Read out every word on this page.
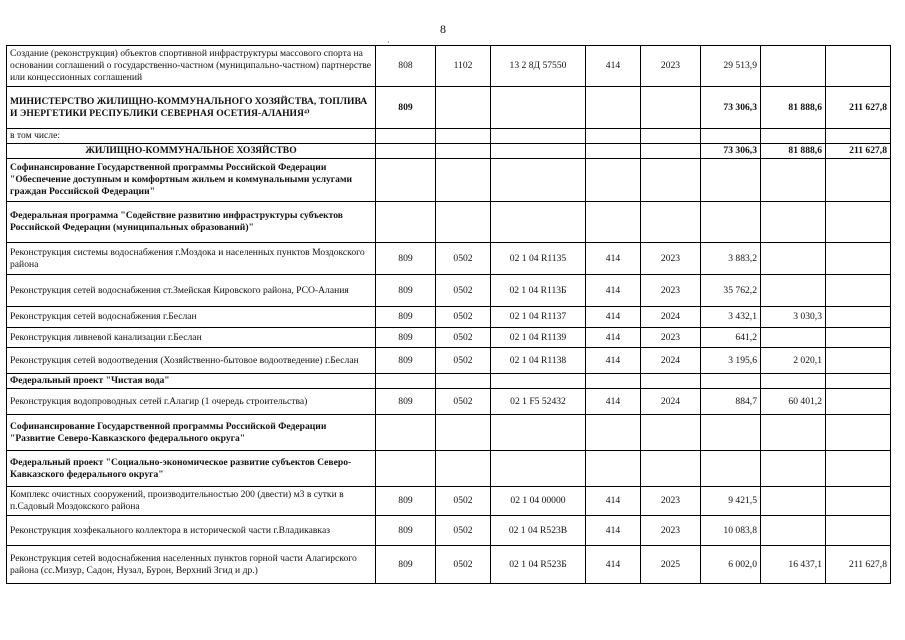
8
·
Создание (реконструкция) объектов спортивной инфраструктуры массового спорта на основании соглашений о государственно-частном (муниципально-частном) партнерстве или концессионных соглашений	808	1102	13 2 8Д 57550	414	2023	29 513,9		
МИНИСТЕРСТВО ЖИЛИЩНО-КОММУНАЛЬНОГО ХОЗЯЙСТВА, ТОПЛИВА И ЭНЕРГЕТИКИ РЕСПУБЛИКИ СЕВЕРНАЯ ОСЕТИЯ-АЛАНИЯ⁴⁾	809					73 306,3	81 888,6	211 627,8
в том числе:								
ЖИЛИЩНО-КОММУНАЛЬНОЕ ХОЗЯЙСТВО						73 306,3	81 888,6	211 627,8
Софинансирование Государственной программы Российской Федерации "Обеспечение доступным и комфортным жильем и коммунальными услугами граждан Российской Федерации"								
Федеральная программа "Содействие развитию инфраструктуры субъектов Российской Федерации (муниципальных образований)"								
Реконструкция системы водоснабжения г.Моздока и населенных пунктов Моздокского района	809	0502	02 1 04 R1135	414	2023	3 883,2		
Реконструкция сетей водоснабжения ст.Змейская Кировского района, РСО-Алания	809	0502	02 1 04 R113Б	414	2023	35 762,2		
Реконструкция сетей водоснабжения г.Беслан	809	0502	02 1 04 R1137	414	2024	3 432,1	3 030,3	
Реконструкция ливневой канализации г.Беслан	809	0502	02 1 04 R1139	414	2023	641,2		
Реконструкция сетей водоотведения (Хозяйственно-бытовое водоотведение) г.Беслан	809	0502	02 1 04 R1138	414	2024	3 195,6	2 020,1	
Федеральный проект "Чистая вода"								
Реконструкция водопроводных сетей г.Алагир (1 очередь строительства)	809	0502	02 1 F5 52432	414	2024	884,7	60 401,2	
Софинансирование Государственной программы Российской Федерации "Развитие Северо-Кавказского федерального округа"								
Федеральный проект "Социально-экономическое развитие субъектов Северо-Кавказского федерального округа"								
Комплекс очистных сооружений, производительностью 200 (двести) м3 в сутки в п.Садовый Моздокского района	809	0502	02 1 04 00000	414	2023	9 421,5		
Реконструкция хозфекального коллектора в исторической части г.Владикавказ	809	0502	02 1 04 R523B	414	2023	10 083,8		
Реконструкция сетей водоснабжения населенных пунктов горной части Алагирского района (сс.Мизур, Садон, Нузал, Бурон, Верхний Згид и др.)	809	0502	02 1 04 R523Б	414	2025	6 002,0	16 437,1	211 627,8
